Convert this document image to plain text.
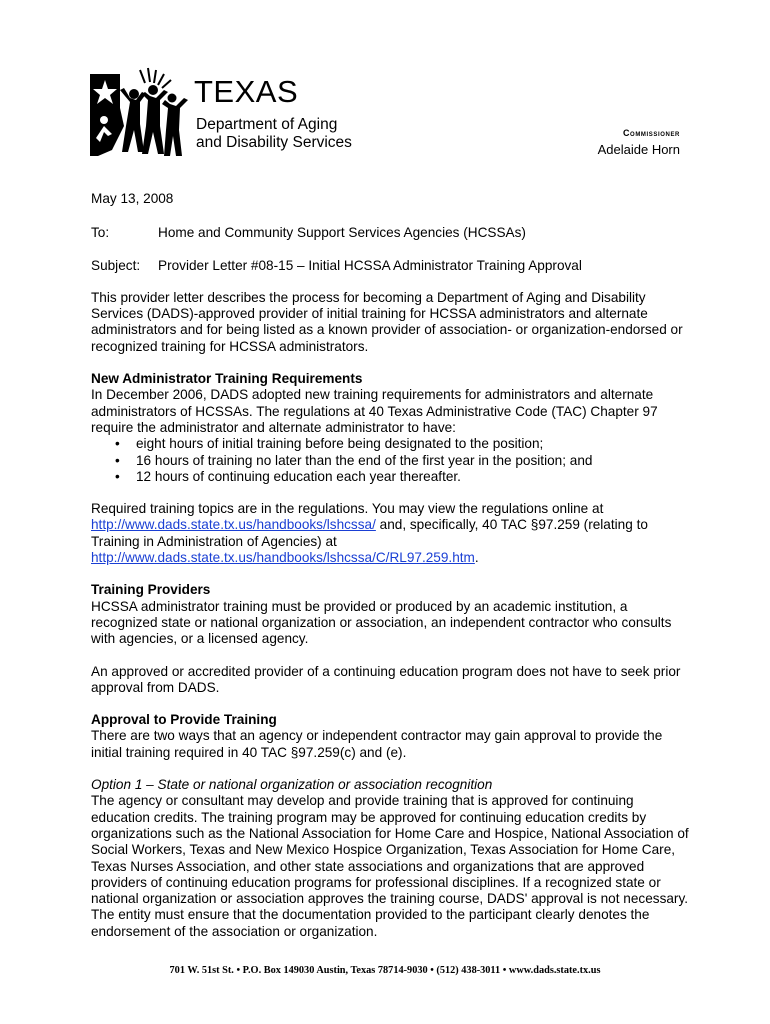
TEXAS
Department of Aging
and Disability Services
Commissioner
Adelaide Horn

May 13, 2008

To:	Home and Community Support Services Agencies (HCSSAs)
Subject:	Provider Letter #08-15 – Initial HCSSA Administrator Training Approval

This provider letter describes the process for becoming a Department of Aging and Disability Services (DADS)-approved provider of initial training for HCSSA administrators and alternate administrators and for being listed as a known provider of association- or organization-endorsed or recognized training for HCSSA administrators.

New Administrator Training Requirements

In December 2006, DADS adopted new training requirements for administrators and alternate administrators of HCSSAs. The regulations at 40 Texas Administrative Code (TAC) Chapter 97 require the administrator and alternate administrator to have:

• eight hours of initial training before being designated to the position;
• 16 hours of training no later than the end of the first year in the position; and
• 12 hours of continuing education each year thereafter.

Required training topics are in the regulations. You may view the regulations online at http://www.dads.state.tx.us/handbooks/lshcssa/ and, specifically, 40 TAC §97.259 (relating to Training in Administration of Agencies) at http://www.dads.state.tx.us/handbooks/lshcssa/C/RL97.259.htm.

Training Providers

HCSSA administrator training must be provided or produced by an academic institution, a recognized state or national organization or association, an independent contractor who consults with agencies, or a licensed agency.

An approved or accredited provider of a continuing education program does not have to seek prior approval from DADS.

Approval to Provide Training

There are two ways that an agency or independent contractor may gain approval to provide the initial training required in 40 TAC §97.259(c) and (e).

Option 1 – State or national organization or association recognition

The agency or consultant may develop and provide training that is approved for continuing education credits. The training program may be approved for continuing education credits by organizations such as the National Association for Home Care and Hospice, National Association of Social Workers, Texas and New Mexico Hospice Organization, Texas Association for Home Care, Texas Nurses Association, and other state associations and organizations that are approved providers of continuing education programs for professional disciplines. If a recognized state or national organization or association approves the training course, DADS' approval is not necessary. The entity must ensure that the documentation provided to the participant clearly denotes the endorsement of the association or organization.

701 W. 51st St. • P.O. Box 149030 Austin, Texas 78714-9030 • (512) 438-3011 • www.dads.state.tx.us
